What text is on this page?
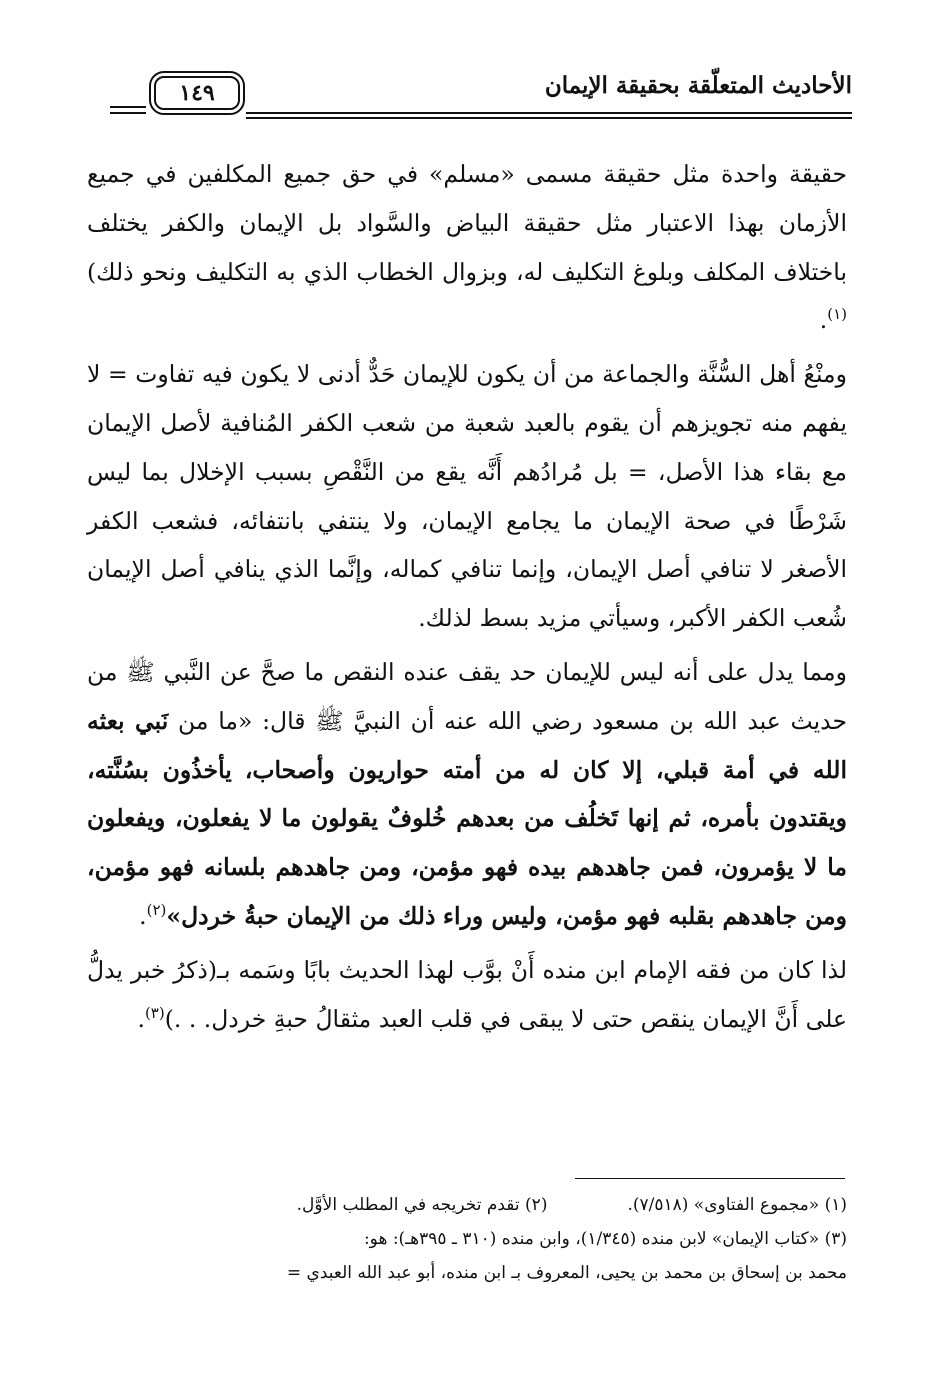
الأحاديث المتعلّقة بحقيقة الإيمان
١٤٩

حقيقة واحدة مثل حقيقة مسمى «مسلم» في حق جميع المكلفين في جميع الأزمان بهذا الاعتبار مثل حقيقة البياض والسَّواد بل الإيمان والكفر يختلف باختلاف المكلف وبلوغ التكليف له، وبزوال الخطاب الذي به التكليف ونحو ذلك)$^{(١)}$.

ومنْعُ أهل السُّنَّة والجماعة من أن يكون للإيمان حَدٌّ أدنى لا يكون فيه تفاوت = لا يفهم منه تجويزهم أن يقوم بالعبد شعبة من شعب الكفر المُنافية لأصل الإيمان مع بقاء هذا الأصل، = بل مُرادُهم أَنَّه يقع من النَّقْصِ بسبب الإخلال بما ليس شَرْطًا في صحة الإيمان ما يجامع الإيمان، ولا ينتفي بانتفائه، فشعب الكفر الأصغر لا تنافي أصل الإيمان، وإنما تنافي كماله، وإنَّما الذي ينافي أصل الإيمان شُعب الكفر الأكبر، وسيأتي مزيد بسط لذلك.

ومما يدل على أنه ليس للإيمان حد يقف عنده النقص ما صحَّ عن النَّبي ﷺ من حديث عبد الله بن مسعود رضي الله عنه أن النبيَّ ﷺ قال: «ما من نَبي بعثه الله في أمة قبلي، إلا كان له من أمته حواريون وأصحاب، يأخذُون بسُنَّته، ويقتدون بأمره، ثم إنها تَخلُف من بعدهم خُلوفٌ يقولون ما لا يفعلون، ويفعلون ما لا يؤمرون، فمن جاهدهم بيده فهو مؤمن، ومن جاهدهم بلسانه فهو مؤمن، ومن جاهدهم بقلبه فهو مؤمن، وليس وراء ذلك من الإيمان حبةُ خردل»$^{(٢)}$.

لذا كان من فقه الإمام ابن منده أَنْ بوَّب لهذا الحديث بابًا وسَمه بـ(ذكرُ خبر يدلُّ على أَنَّ الإيمان ينقص حتى لا يبقى في قلب العبد مثقالُ حبةِ خردل. . .)$^{(٣)}$.

(١) «مجموع الفتاوى» (٧/٥١٨).
(٢) تقدم تخريجه في المطلب الأوَّل.
(٣) «كتاب الإيمان» لابن منده (١/٣٤٥)، وابن منده (٣١٠ ـ ٣٩٥هـ): هو:
محمد بن إسحاق بن محمد بن يحيى، المعروف بـ ابن منده، أبو عبد الله العبدي =
